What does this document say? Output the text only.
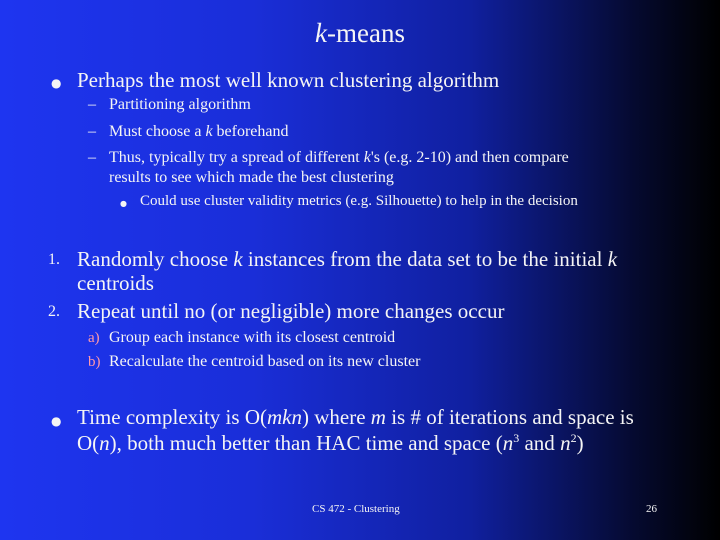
k-means
● Perhaps the most well known clustering algorithm
– Partitioning algorithm
– Must choose a k beforehand
– Thus, typically try a spread of different k's (e.g. 2-10) and then compare
results to see which made the best clustering
● Could use cluster validity metrics (e.g. Silhouette) to help in the decision
1. Randomly choose k instances from the data set to be the initial k
centroids
2. Repeat until no (or negligible) more changes occur
a) Group each instance with its closest centroid
b) Recalculate the centroid based on its new cluster
● Time complexity is O(mkn) where m is # of iterations and space is
O(n), both much better than HAC time and space ($n^3$ and $n^2$)
CS 472 - Clustering	26
